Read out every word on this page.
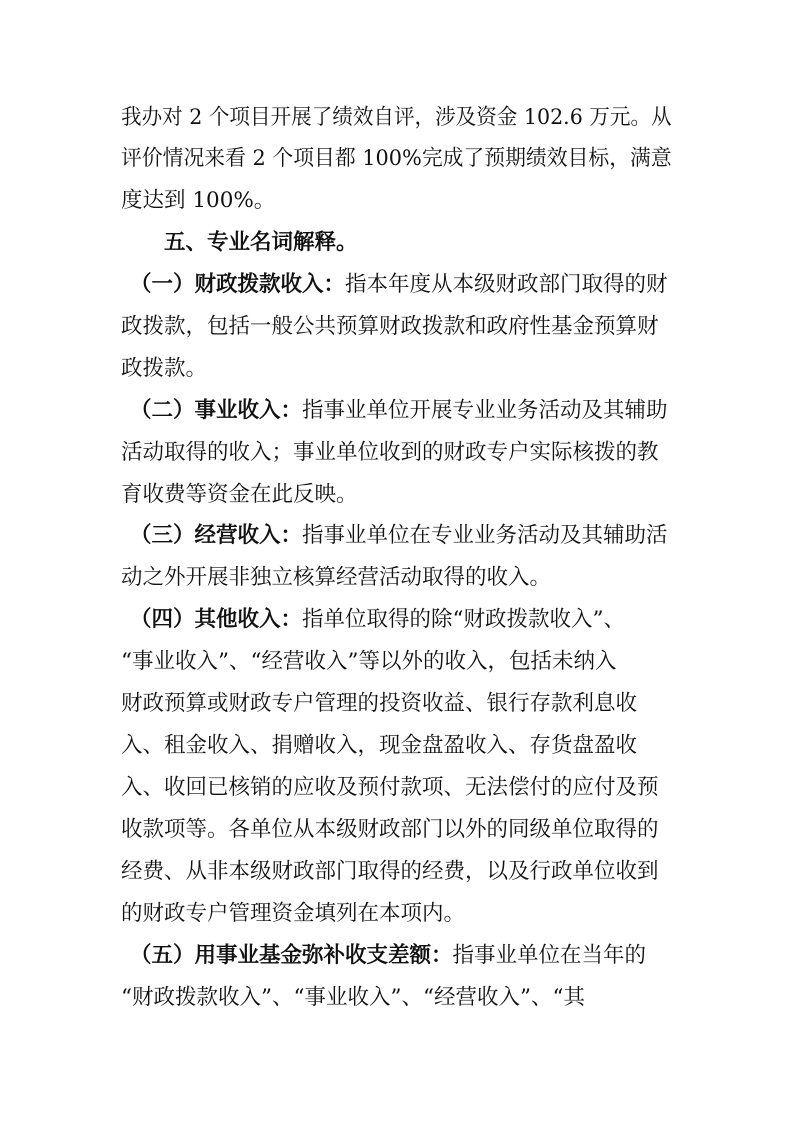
我办对 2 个项目开展了绩效自评，涉及资金 102.6 万元。从
评价情况来看 2 个项目都 100%完成了预期绩效目标，满意
度达到 100%。
五、专业名词解释。
（一）财政拨款收入：指本年度从本级财政部门取得的财
政拨款，包括一般公共预算财政拨款和政府性基金预算财
政拨款。
（二）事业收入：指事业单位开展专业业务活动及其辅助
活动取得的收入；事业单位收到的财政专户实际核拨的教
育收费等资金在此反映。
（三）经营收入：指事业单位在专业业务活动及其辅助活
动之外开展非独立核算经营活动取得的收入。
（四）其他收入：指单位取得的除“财政拨款收入”、
“事业收入”、“经营收入”等以外的收入，包括未纳入
财政预算或财政专户管理的投资收益、银行存款利息收
入、租金收入、捐赠收入，现金盘盈收入、存货盘盈收
入、收回已核销的应收及预付款项、无法偿付的应付及预
收款项等。各单位从本级财政部门以外的同级单位取得的
经费、从非本级财政部门取得的经费，以及行政单位收到
的财政专户管理资金填列在本项内。
（五）用事业基金弥补收支差额：指事业单位在当年的
“财政拨款收入”、“事业收入”、“经营收入”、“其
